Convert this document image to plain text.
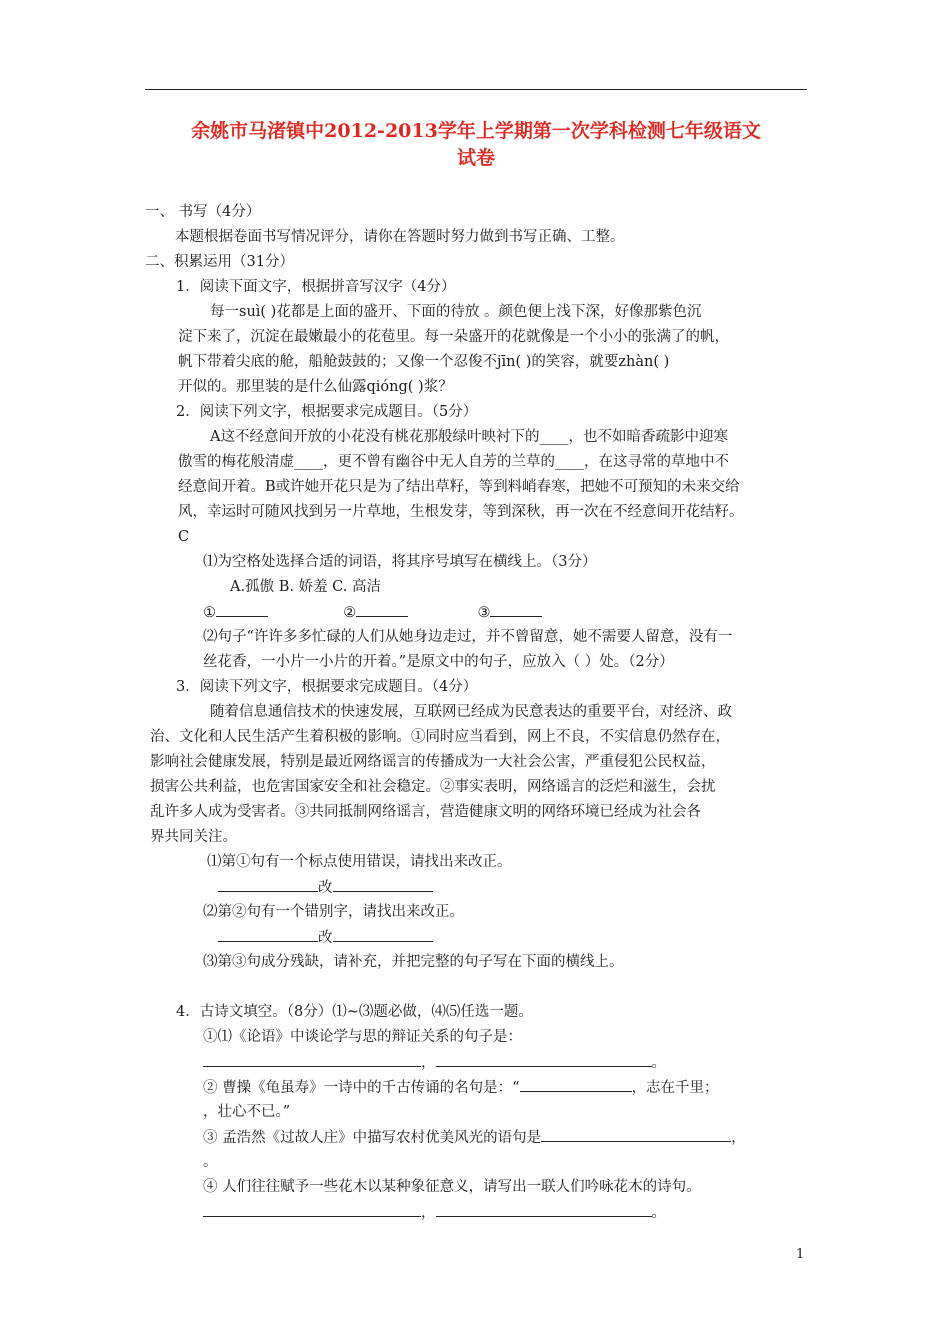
余姚市马渚镇中2012-2013学年上学期第一次学科检测七年级语文
试卷
一、 书写（4分）
本题根据卷面书写情况评分，请你在答题时努力做到书写正确、工整。
二、积累运用（31分）
1．阅读下面文字，根据拼音写汉字（4分）
每一suì( )花都是上面的盛开、下面的待放 。颜色便上浅下深，好像那紫色沉
淀下来了，沉淀在最嫩最小的花苞里。每一朵盛开的花就像是一个小小的张满了的帆，
帆下带着尖底的舱，船舱鼓鼓的；又像一个忍俊不jīn( )的笑容，就要zhàn( )
开似的。那里装的是什么仙露qióng( )浆？
2．阅读下列文字，根据要求完成题目。（5分）
A这不经意间开放的小花没有桃花那般绿叶映衬下的____，也不如暗香疏影中迎寒
傲雪的梅花般清虚____，更不曾有幽谷中无人自芳的兰草的____，在这寻常的草地中不
经意间开着。B或许她开花只是为了结出草籽，等到料峭春寒，把她不可预知的未来交给
风，幸运时可随风找到另一片草地，生根发芽，等到深秋，再一次在不经意间开花结籽。
C
⑴为空格处选择合适的词语，将其序号填写在横线上。（3分）
A.孤傲 B. 娇羞 C. 高洁
①	②	③
⑵句子“许许多多忙碌的人们从她身边走过，并不曾留意，她不需要人留意，没有一
丝花香，一小片一小片的开着。”是原文中的句子，应放入（ ）处。（2分）
3．阅读下列文字，根据要求完成题目。（4分）
随着信息通信技术的快速发展，互联网已经成为民意表达的重要平台，对经济、政
治、文化和人民生活产生着积极的影响。①同时应当看到，网上不良，不实信息仍然存在，
影响社会健康发展，特别是最近网络谣言的传播成为一大社会公害，严重侵犯公民权益，
损害公共利益，也危害国家安全和社会稳定。②事实表明，网络谣言的泛烂和滋生，会扰
乱许多人成为受害者。③共同抵制网络谣言，营造健康文明的网络环境已经成为社会各
界共同关注。
⑴第①句有一个标点使用错误，请找出来改正。
改
⑵第②句有一个错别字，请找出来改正。
改
⑶第③句成分残缺，请补充，并把完整的句子写在下面的横线上。
4．古诗文填空。（8分）⑴~⑶题必做，⑷⑸任选一题。
①⑴《论语》中谈论学与思的辩证关系的句子是：
，	。
② 曹操《龟虽寿》一诗中的千古传诵的名句是：“	，志在千里；
，壮心不已。”
③ 孟浩然《过故人庄》中描写农村优美风光的语句是	，
。
④ 人们往往赋予一些花木以某种象征意义，请写出一联人们吟咏花木的诗句。
，	。
1
